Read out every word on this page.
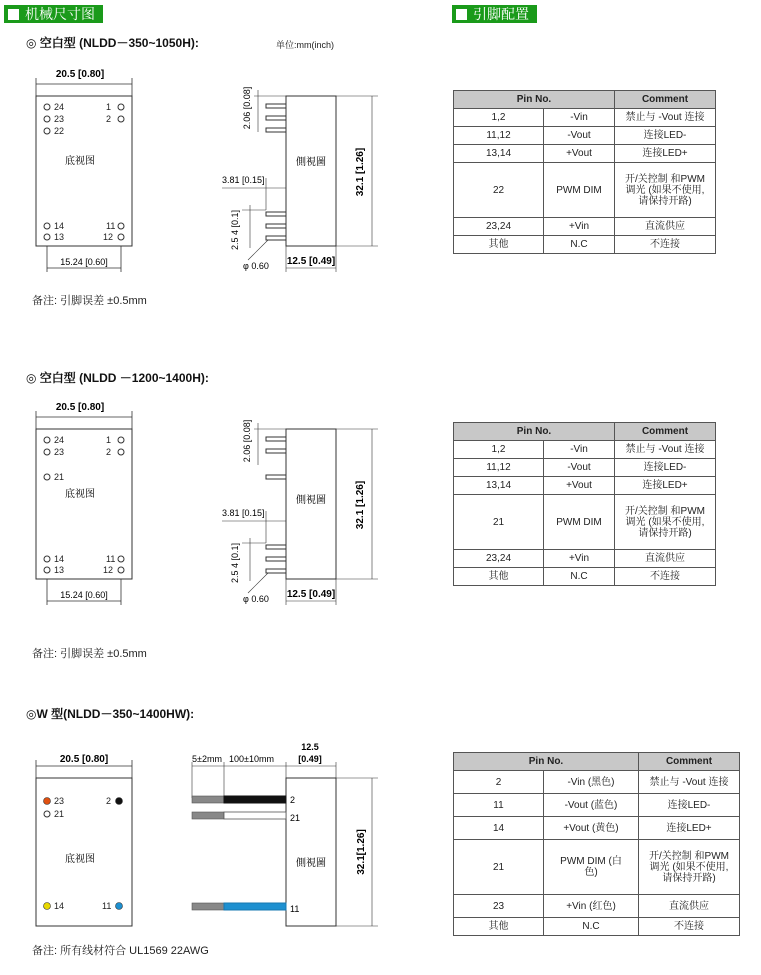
机械尺寸图	引脚配置
◎ 空白型 (NLDD－350~1050H):	单位:mm(inch)
20.5 [0.80]
24	1
23	2
22
14	11
13	12
底视图
15.24 [0.60]
側視圖
2.06 [0.08]
3.81 [0.15]
2.5 4 [0.1]
φ 0.60
32.1 [1.26]
12.5 [0.49]
备注: 引脚误差 ±0.5mm
◎ 空白型 (NLDD －1200~1400H):
20.5 [0.80]
24	1
23	2
21
14	11
13	12
底视图
15.24 [0.60]
側視圖
2.06 [0.08]
3.81 [0.15]
2.5 4 [0.1]
φ 0.60
32.1 [1.26]
12.5 [0.49]
备注: 引脚误差 ±0.5mm
◎W 型(NLDD－350~1400HW):
20.5 [0.80]
23	2
21
14	11
底视图
5±2mm 100±10mm
12.5
[0.49]
側視圖
2
21
11
32.1[1.26]
备注: 所有线材符合 UL1569 22AWG
Pin No.		Comment
1,2	-Vin	禁止与 -Vout 连接
11,12	-Vout	连接LED-
13,14	+Vout	连接LED+
22	PWM DIM	开/关控制 和PWM调光 (如果不使用, 请保持开路)
23,24	+Vin	直流供应
其他	N.C	不连接
Pin No.		Comment
1,2	-Vin	禁止与 -Vout 连接
11,12	-Vout	连接LED-
13,14	+Vout	连接LED+
21	PWM DIM	开/关控制 和PWM调光 (如果不使用, 请保持开路)
23,24	+Vin	直流供应
其他	N.C	不连接
Pin No.		Comment
2	-Vin (黑色)	禁止与 -Vout 连接
11	-Vout (蓝色)	连接LED-
14	+Vout (黄色)	连接LED+
21	PWM DIM (白色)	开/关控制 和PWM调光 (如果不使用, 请保持开路)
23	+Vin (红色)	直流供应
其他	N.C	不连接
